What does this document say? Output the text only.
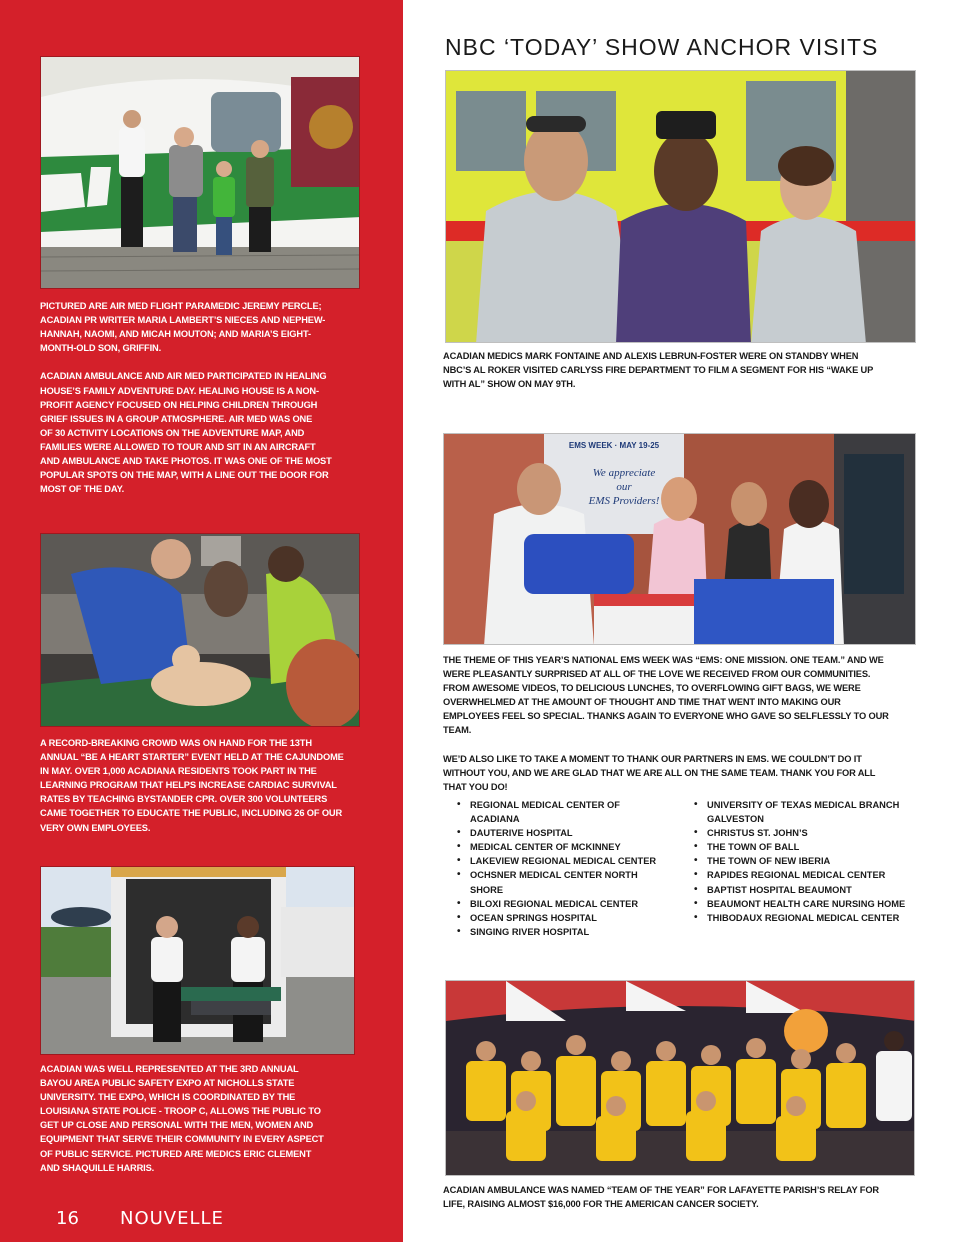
PICTURED ARE AIR MED FLIGHT PARAMEDIC JEREMY PERCLE;
ACADIAN PR WRITER MARIA LAMBERT’S NIECES AND NEPHEW-
HANNAH, NAOMI, AND MICAH MOUTON; AND MARIA’S EIGHT-
MONTH-OLD SON, GRIFFIN.

ACADIAN AMBULANCE AND AIR MED PARTICIPATED IN HEALING
HOUSE’S FAMILY ADVENTURE DAY. HEALING HOUSE IS A NON-
PROFIT AGENCY FOCUSED ON HELPING CHILDREN THROUGH
GRIEF ISSUES IN A GROUP ATMOSPHERE. AIR MED WAS ONE
OF 30 ACTIVITY LOCATIONS ON THE ADVENTURE MAP, AND
FAMILIES WERE ALLOWED TO TOUR AND SIT IN AN AIRCRAFT
AND AMBULANCE AND TAKE PHOTOS. IT WAS ONE OF THE MOST
POPULAR SPOTS ON THE MAP, WITH A LINE OUT THE DOOR FOR
MOST OF THE DAY.
A RECORD-BREAKING CROWD WAS ON HAND FOR THE 13TH
ANNUAL “BE A HEART STARTER” EVENT HELD AT THE CAJUNDOME
IN MAY. OVER 1,000 ACADIANA RESIDENTS TOOK PART IN THE
LEARNING PROGRAM THAT HELPS INCREASE CARDIAC SURVIVAL
RATES BY TEACHING BYSTANDER CPR. OVER 300 VOLUNTEERS
CAME TOGETHER TO EDUCATE THE PUBLIC, INCLUDING 26 OF OUR
VERY OWN EMPLOYEES.
ACADIAN WAS WELL REPRESENTED AT THE 3RD ANNUAL
BAYOU AREA PUBLIC SAFETY EXPO AT NICHOLLS STATE
UNIVERSITY. THE EXPO, WHICH IS COORDINATED BY THE
LOUISIANA STATE POLICE - TROOP C, ALLOWS THE PUBLIC TO
GET UP CLOSE AND PERSONAL WITH THE MEN, WOMEN AND
EQUIPMENT THAT SERVE THEIR COMMUNITY IN EVERY ASPECT
OF PUBLIC SERVICE. PICTURED ARE MEDICS ERIC CLEMENT
AND SHAQUILLE HARRIS.
16 NOUVELLE
NBC ‘TODAY’ SHOW ANCHOR VISITS
ACADIAN MEDICS MARK FONTAINE AND ALEXIS LEBRUN-FOSTER WERE ON STANDBY WHEN
NBC’S AL ROKER VISITED CARLYSS FIRE DEPARTMENT TO FILM A SEGMENT FOR HIS “WAKE UP
WITH AL” SHOW ON MAY 9TH.
EMS WEEK · MAY 19-25
We appreciate
our
EMS Providers!
THE THEME OF THIS YEAR’S NATIONAL EMS WEEK WAS “EMS: ONE MISSION. ONE TEAM.” AND WE
WERE PLEASANTLY SURPRISED AT ALL OF THE LOVE WE RECEIVED FROM OUR COMMUNITIES.
FROM AWESOME VIDEOS, TO DELICIOUS LUNCHES, TO OVERFLOWING GIFT BAGS, WE WERE
OVERWHELMED AT THE AMOUNT OF THOUGHT AND TIME THAT WENT INTO MAKING OUR
EMPLOYEES FEEL SO SPECIAL. THANKS AGAIN TO EVERYONE WHO GAVE SO SELFLESSLY TO OUR
TEAM.

WE’D ALSO LIKE TO TAKE A MOMENT TO THANK OUR PARTNERS IN EMS. WE COULDN’T DO IT
WITHOUT YOU, AND WE ARE GLAD THAT WE ARE ALL ON THE SAME TEAM. THANK YOU FOR ALL
THAT YOU DO!
• REGIONAL MEDICAL CENTER OF
ACADIANA
• DAUTERIVE HOSPITAL
• MEDICAL CENTER OF MCKINNEY
• LAKEVIEW REGIONAL MEDICAL CENTER
• OCHSNER MEDICAL CENTER NORTH
SHORE
• BILOXI REGIONAL MEDICAL CENTER
• OCEAN SPRINGS HOSPITAL
• SINGING RIVER HOSPITAL
• UNIVERSITY OF TEXAS MEDICAL BRANCH
GALVESTON
• CHRISTUS ST. JOHN’S
• THE TOWN OF BALL
• THE TOWN OF NEW IBERIA
• RAPIDES REGIONAL MEDICAL CENTER
• BAPTIST HOSPITAL BEAUMONT
• BEAUMONT HEALTH CARE NURSING HOME
• THIBODAUX REGIONAL MEDICAL CENTER
ACADIAN AMBULANCE WAS NAMED “TEAM OF THE YEAR” FOR LAFAYETTE PARISH’S RELAY FOR
LIFE, RAISING ALMOST $16,000 FOR THE AMERICAN CANCER SOCIETY.
